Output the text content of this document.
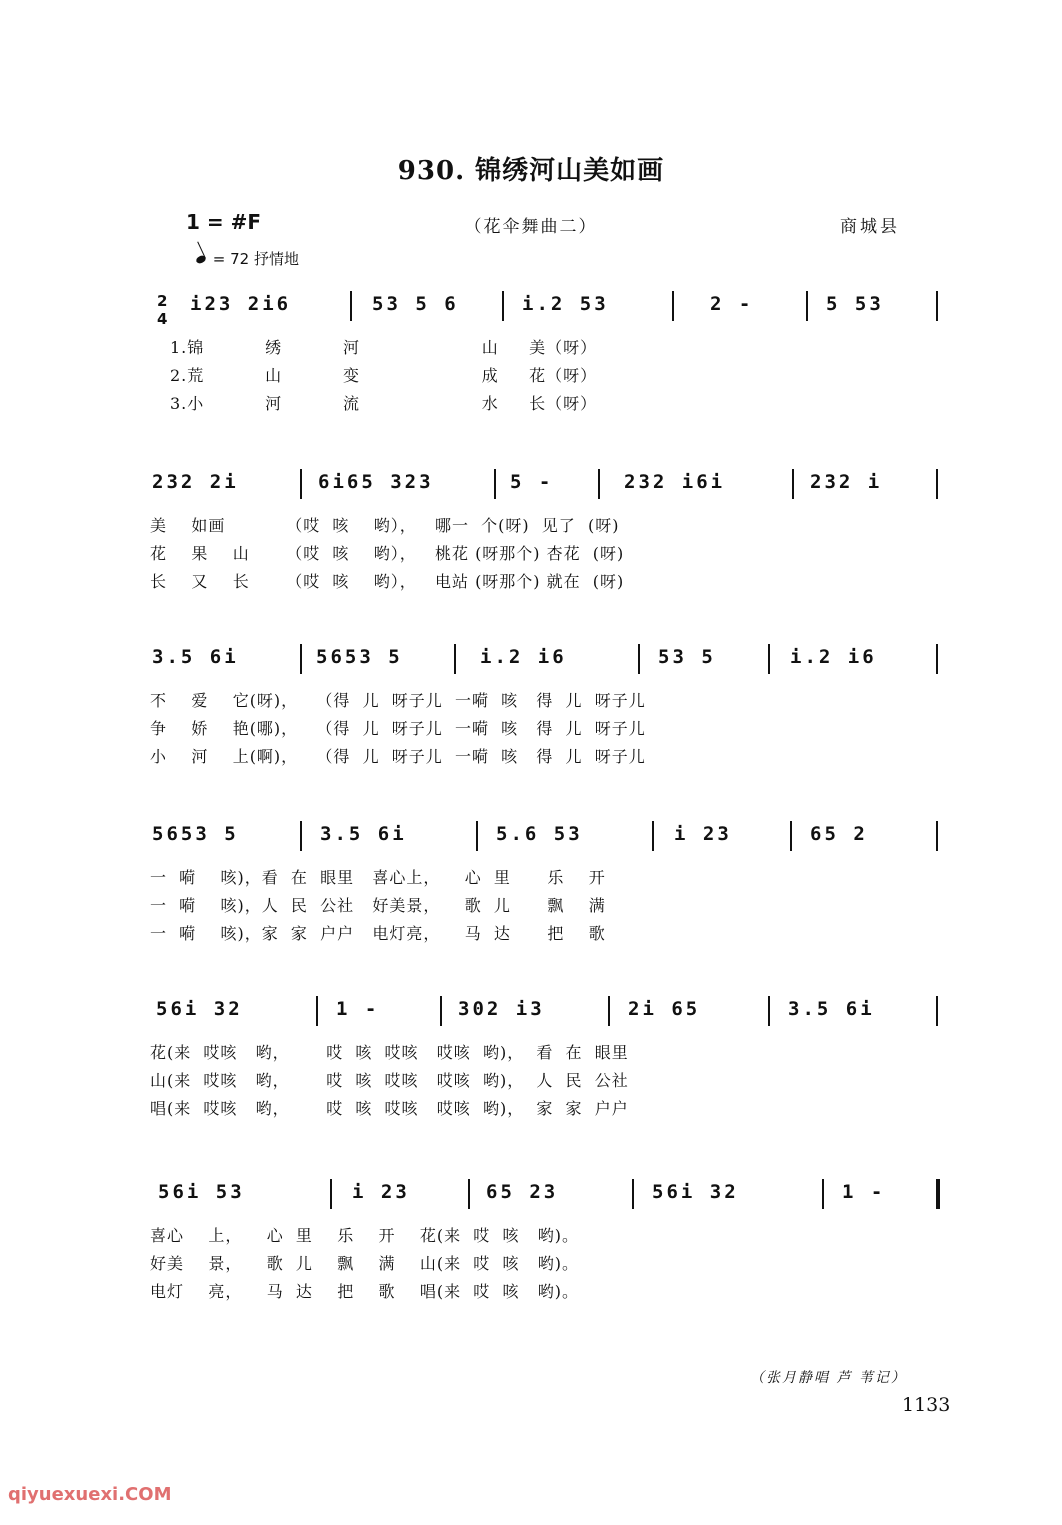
930. 锦绣河山美如画
1 = #F	（花伞舞曲二）	商城县
= 72 抒情地
2
4
i23 2i6	53 5 6	i.2 53	2 -	5 53
1.锦          绣          河                    山     美（呀）
2.荒          山          变                    成     花（呀）
3.小          河          流                    水     长（呀）
232 2i	6i65 323	5 -	232 i6i	232 i
美    如画          （哎  咳    哟），   哪一  个(呀)  见了  (呀)
花    果    山      （哎  咳    哟），   桃花 (呀那个) 杏花  (呀)
长    又    长      （哎  咳    哟），   电站 (呀那个) 就在  (呀)
3.5 6i	5653 5	i.2 i6	53 5	i.2 i6
不    爱    它(呀)，   （得  儿  呀子儿  一嗬  咳   得  儿  呀子儿
争    娇    艳(哪)，   （得  儿  呀子儿  一嗬  咳   得  儿  呀子儿
小    河    上(啊)，   （得  儿  呀子儿  一嗬  咳   得  儿  呀子儿
5653 5	3.5 6i	5.6 53	i 23	65 2
一  嗬    咳)，看  在  眼里   喜心上，    心  里      乐    开
一  嗬    咳)，人  民  公社   好美景，    歌  儿      飘    满
一  嗬    咳)，家  家  户户   电灯亮，    马  达      把    歌
56i 32	1 -	302 i3	2i 65	3.5 6i
花(来  哎咳   哟，      哎  咳  哎咳   哎咳  哟)，  看  在  眼里
山(来  哎咳   哟，      哎  咳  哎咳   哎咳  哟)，  人  民  公社
唱(来  哎咳   哟，      哎  咳  哎咳   哎咳  哟)，  家  家  户户
56i 53	i 23	65 23	56i 32	1 -
喜心    上，    心  里    乐    开    花(来  哎  咳   哟)。
好美    景，    歌  儿    飘    满    山(来  哎  咳   哟)。
电灯    亮，    马  达    把    歌    唱(来  哎  咳   哟)。
（张月静唱 芦 苇记）
1133
qiyuexuexi.COM
